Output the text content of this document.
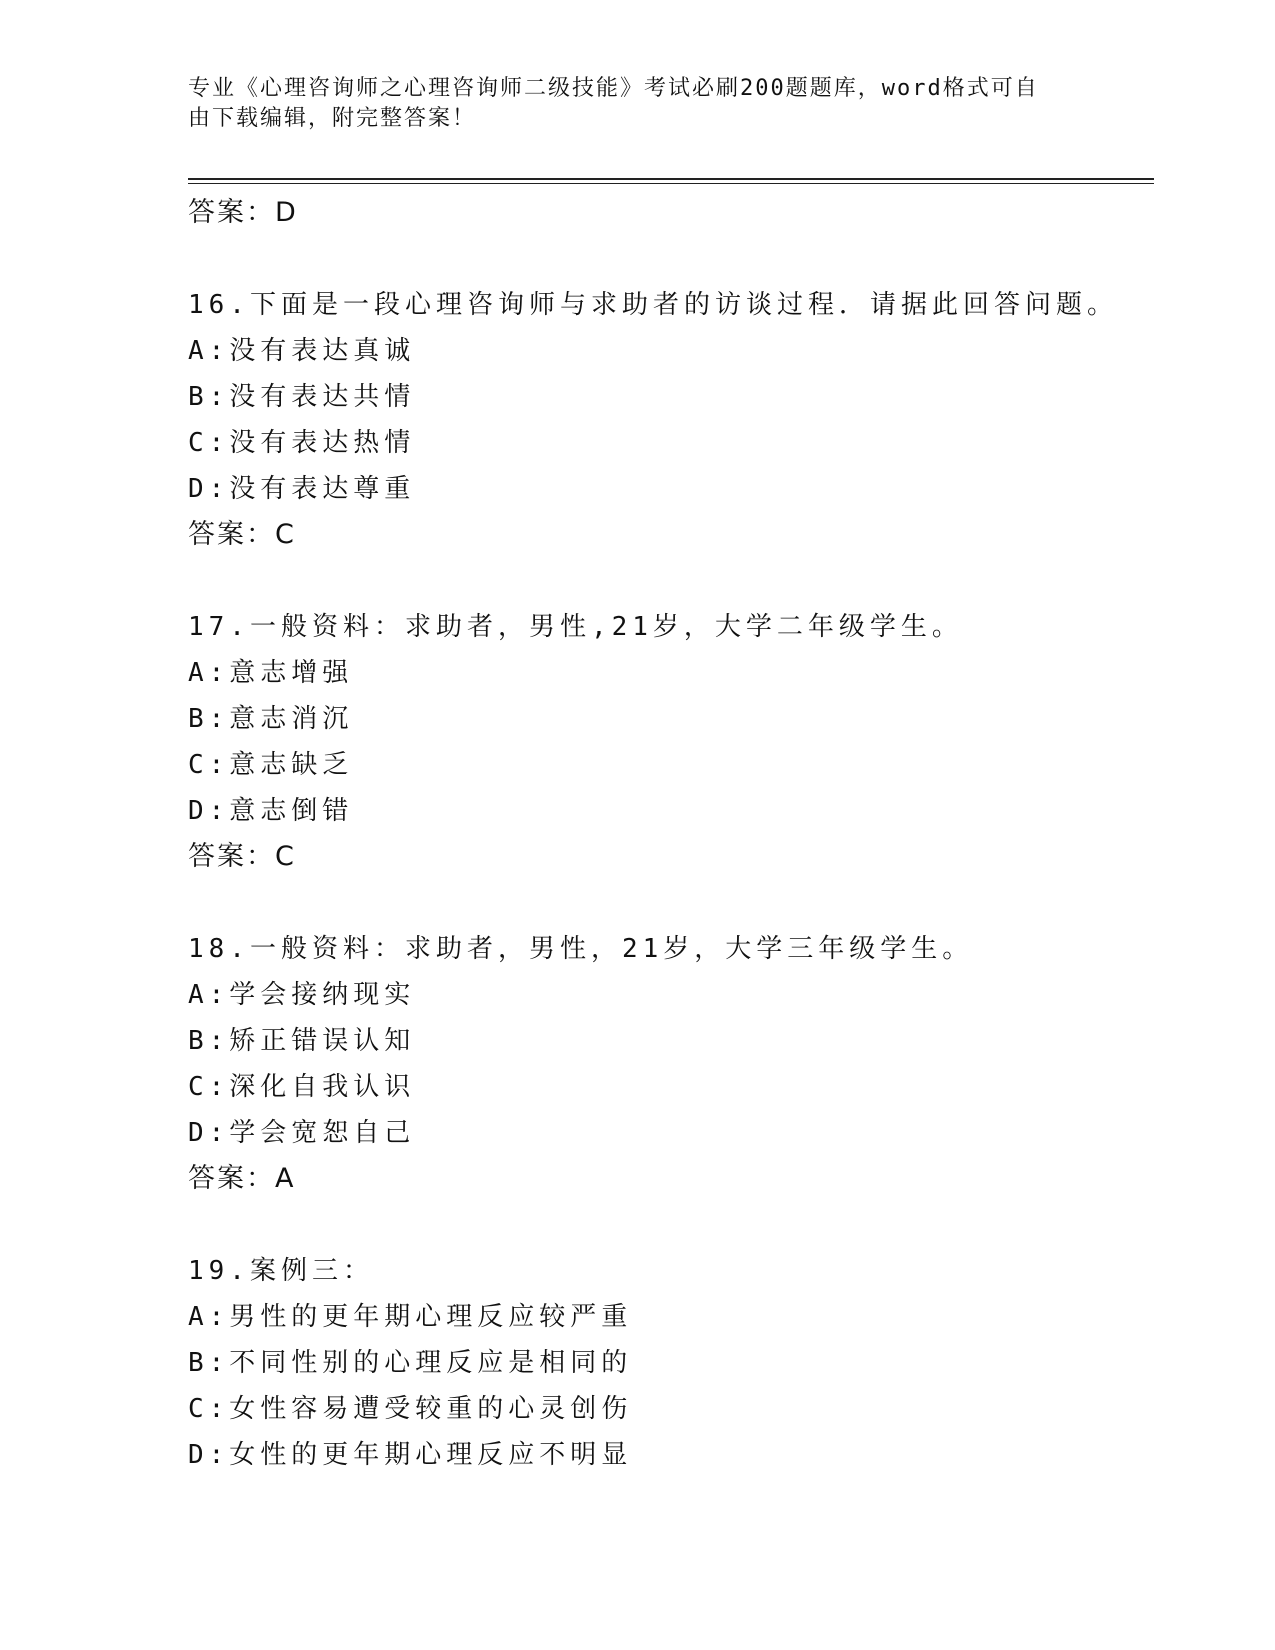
专业《心理咨询师之心理咨询师二级技能》考试必刷200题题库，word格式可自
由下载编辑，附完整答案！
答案：D
16.下面是一段心理咨询师与求助者的访谈过程．请据此回答问题。
A:没有表达真诚
B:没有表达共情
C:没有表达热情
D:没有表达尊重
答案：C
17.一般资料：求助者，男性,21岁，大学二年级学生。
A:意志增强
B:意志消沉
C:意志缺乏
D:意志倒错
答案：C
18.一般资料：求助者，男性，21岁，大学三年级学生。
A:学会接纳现实
B:矫正错误认知
C:深化自我认识
D:学会宽恕自己
答案：A
19.案例三：
A:男性的更年期心理反应较严重
B:不同性别的心理反应是相同的
C:女性容易遭受较重的心灵创伤
D:女性的更年期心理反应不明显
